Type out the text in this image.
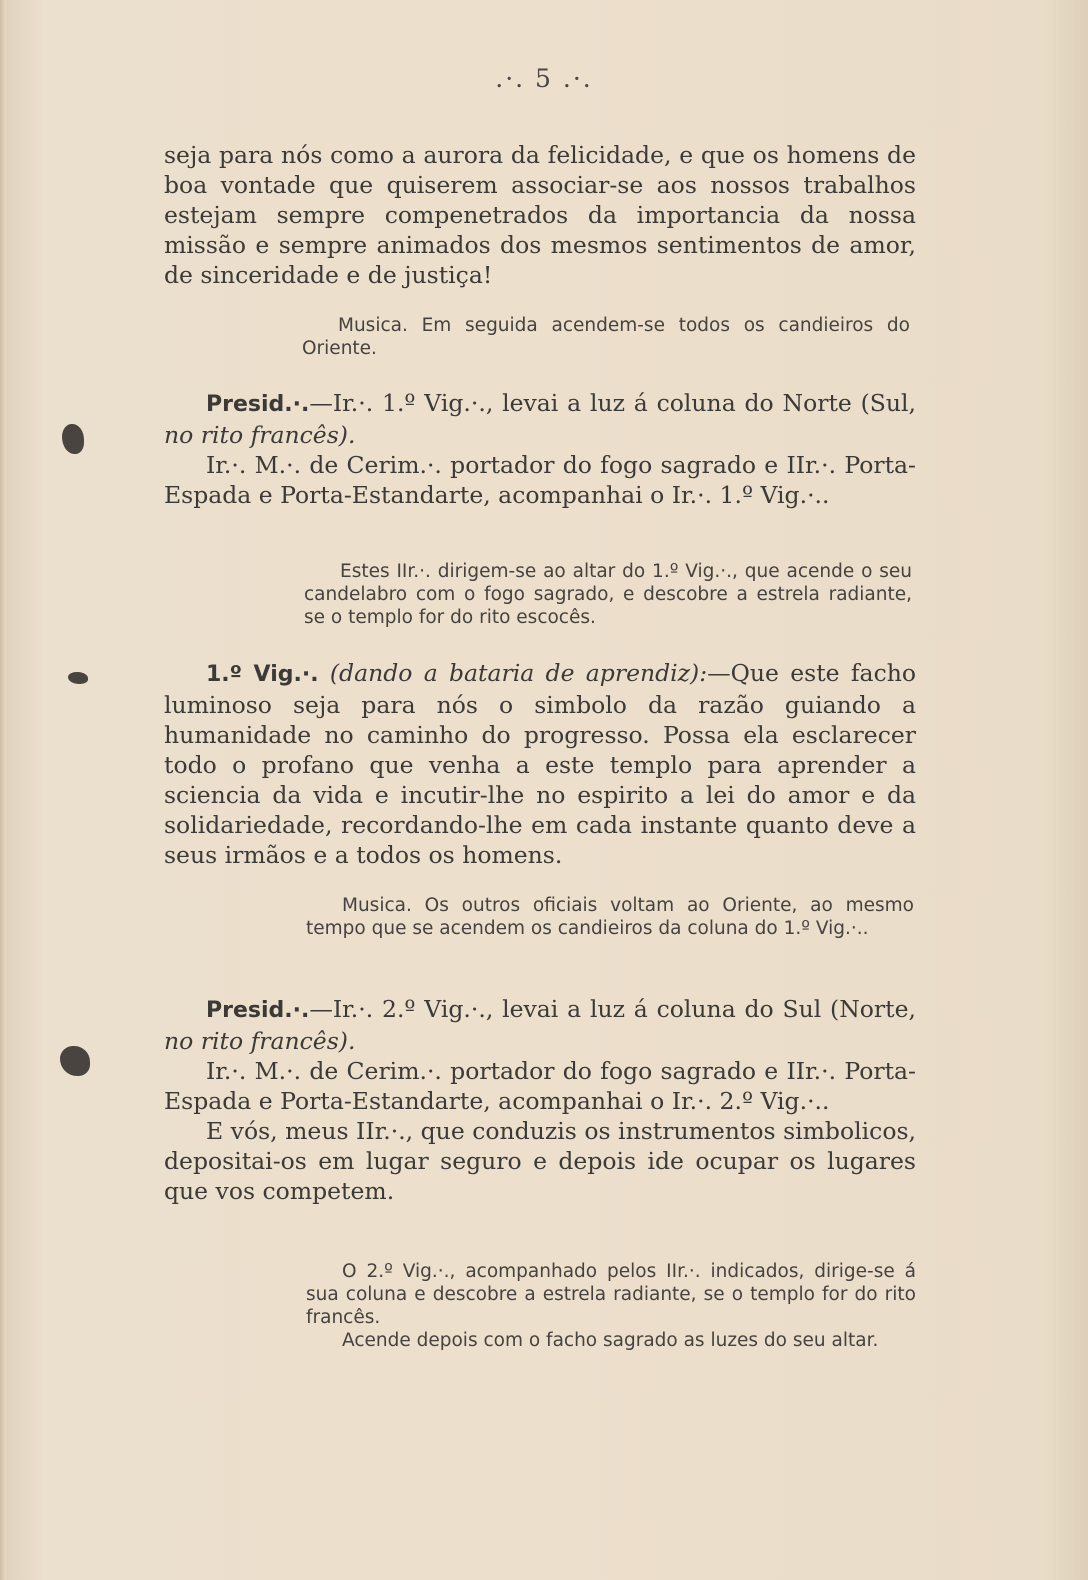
.·. 5 .·.

seja para nós como a aurora da felicidade, e que os homens de boa vontade que quiserem associar-se aos nossos trabalhos estejam sempre compenetrados da importancia da nossa missão e sempre animados dos mesmos sentimentos de amor, de sinceridade e de justiça!

Musica. Em seguida acendem-se todos os candieiros do Oriente.

Presid.·.—Ir.·. 1.º Vig.·., levai a luz á coluna do Norte (Sul, no rito francês).

Ir.·. M.·. de Cerim.·. portador do fogo sagrado e IIr.·. Porta-Espada e Porta-Estandarte, acompanhai o Ir.·. 1.º Vig.·..

Estes IIr.·. dirigem-se ao altar do 1.º Vig.·., que acende o seu candelabro com o fogo sagrado, e descobre a estrela radiante, se o templo for do rito escocês.

1.º Vig.·. (dando a bataria de aprendiz):—Que este facho luminoso seja para nós o simbolo da razão guiando a humanidade no caminho do progresso. Possa ela esclarecer todo o profano que venha a este templo para aprender a sciencia da vida e incutir-lhe no espirito a lei do amor e da solidariedade, recordando-lhe em cada instante quanto deve a seus irmãos e a todos os homens.

Musica. Os outros oficiais voltam ao Oriente, ao mesmo tempo que se acendem os candieiros da coluna do 1.º Vig.·..

Presid.·.—Ir.·. 2.º Vig.·., levai a luz á coluna do Sul (Norte, no rito francês).

Ir.·. M.·. de Cerim.·. portador do fogo sagrado e IIr.·. Porta-Espada e Porta-Estandarte, acompanhai o Ir.·. 2.º Vig.·..

E vós, meus IIr.·., que conduzis os instrumentos simbolicos, depositai-os em lugar seguro e depois ide ocupar os lugares que vos competem.

O 2.º Vig.·., acompanhado pelos IIr.·. indicados, dirige-se á sua coluna e descobre a estrela radiante, se o templo for do rito francês.

Acende depois com o facho sagrado as luzes do seu altar.
